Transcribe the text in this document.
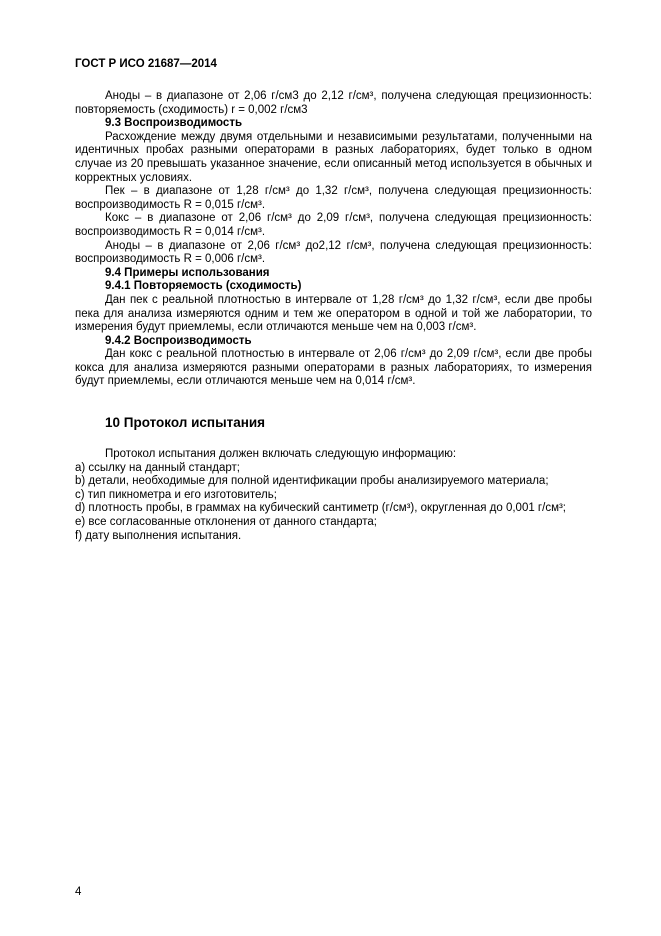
ГОСТ Р ИСО 21687—2014

Аноды – в диапазоне от 2,06 г/см3 до 2,12 г/см³, получена следующая прецизионность: повторяемость (сходимость) r = 0,002 г/см3

9.3 Воспроизводимость

Расхождение между двумя отдельными и независимыми результатами, полученными на идентичных пробах разными операторами в разных лабораториях, будет только в одном случае из 20 превышать указанное значение, если описанный метод используется в обычных и корректных условиях.

Пек – в диапазоне от 1,28 г/см³ до 1,32 г/см³, получена следующая прецизионность: воспроизводимость R = 0,015 г/см³.

Кокс – в диапазоне от 2,06 г/см³ до 2,09 г/см³, получена следующая прецизионность: воспроизводимость R = 0,014 г/см³.

Аноды – в диапазоне от 2,06 г/см³ до2,12 г/см³, получена следующая прецизионность: воспроизводимость R = 0,006 г/см³.

9.4 Примеры использования

9.4.1 Повторяемость (сходимость)

Дан пек с реальной плотностью в интервале от 1,28 г/см³ до 1,32 г/см³, если две пробы пека для анализа измеряются одним и тем же оператором в одной и той же лаборатории, то измерения будут приемлемы, если отличаются меньше чем на 0,003 г/см³.

9.4.2 Воспроизводимость

Дан кокс с реальной плотностью в интервале от 2,06 г/см³ до 2,09 г/см³, если две пробы кокса для анализа измеряются разными операторами в разных лабораториях, то измерения будут приемлемы, если отличаются меньше чем на 0,014 г/см³.

10 Протокол испытания

Протокол испытания должен включать следующую информацию:

a) ссылку на данный стандарт;

b) детали, необходимые для полной идентификации пробы анализируемого материала;

c) тип пикнометра и его изготовитель;

d) плотность пробы, в граммах на кубический сантиметр (г/см³), округленная до 0,001 г/см³;

e) все согласованные отклонения от данного стандарта;

f) дату выполнения испытания.

4
